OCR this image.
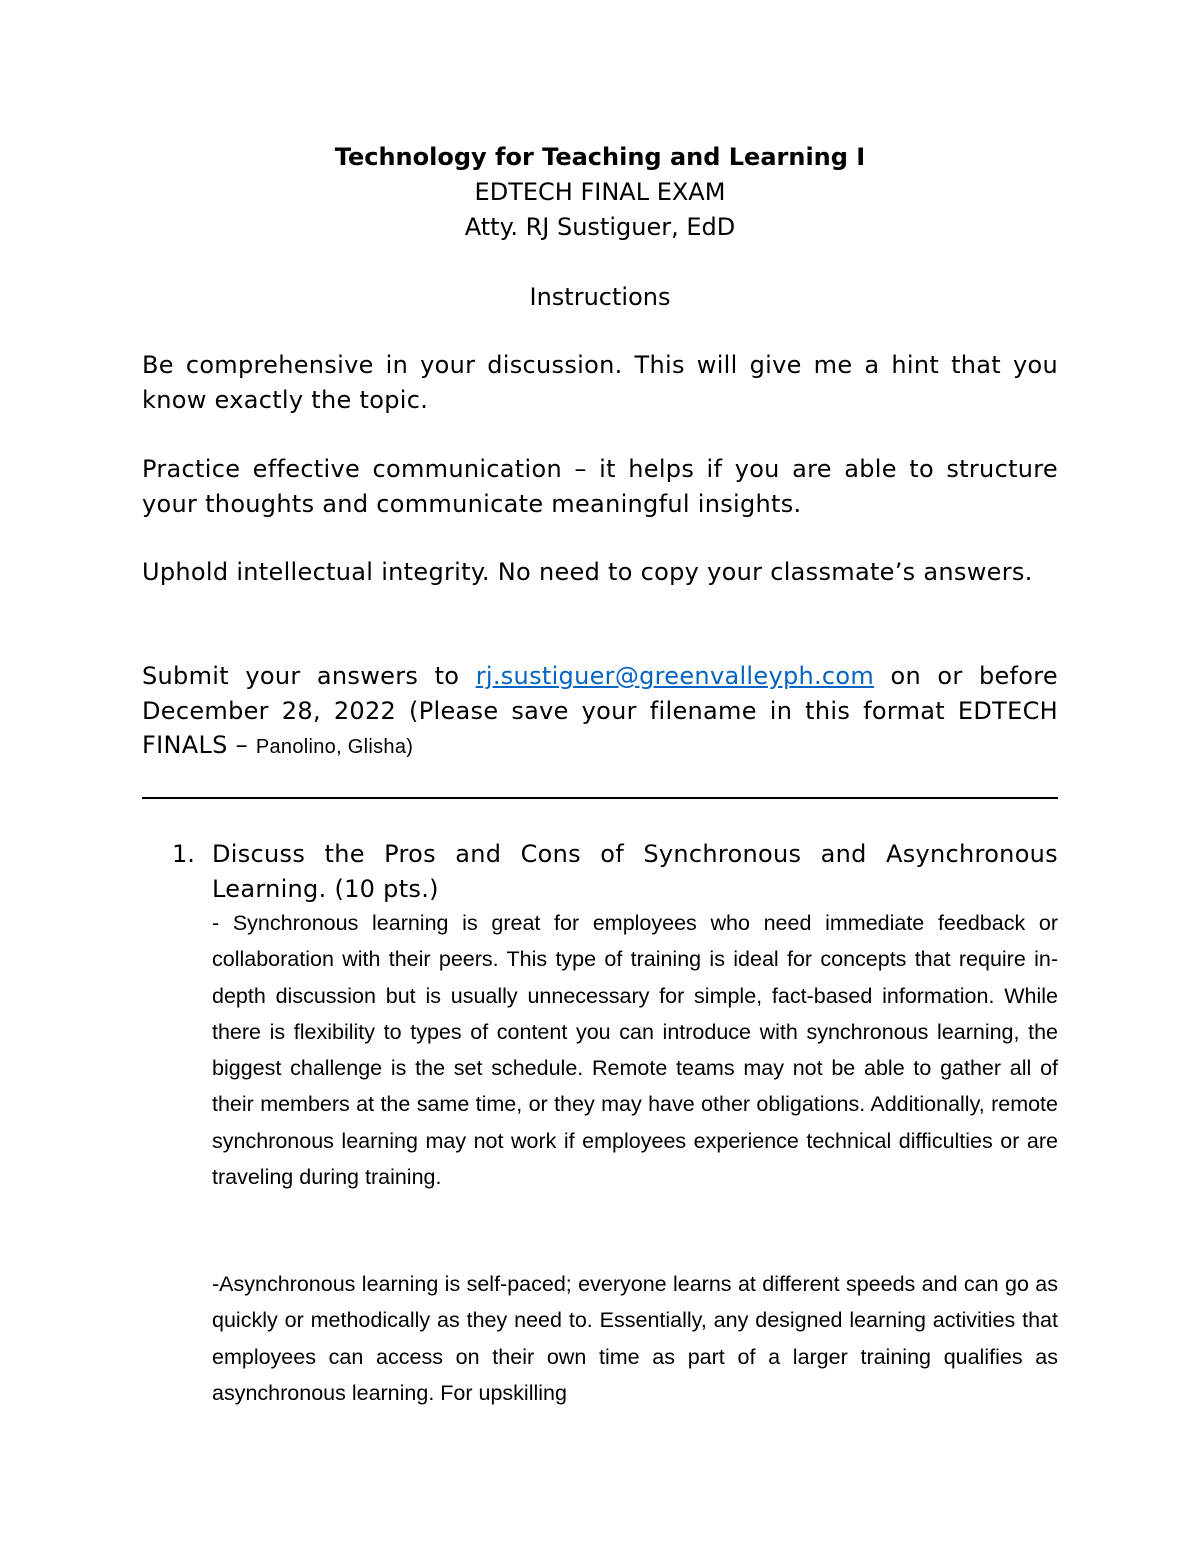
Technology for Teaching and Learning I
EDTECH FINAL EXAM
Atty. RJ Sustiguer, EdD
Instructions
Be comprehensive in your discussion. This will give me a hint that you know exactly the topic.
Practice effective communication – it helps if you are able to structure your thoughts and communicate meaningful insights.
Uphold intellectual integrity. No need to copy your classmate’s answers.
Submit your answers to rj.sustiguer@greenvalleyph.com on or before December 28, 2022 (Please save your filename in this format EDTECH FINALS – Panolino, Glisha)
1. Discuss the Pros and Cons of Synchronous and Asynchronous Learning. (10 pts.)
- Synchronous learning is great for employees who need immediate feedback or collaboration with their peers. This type of training is ideal for concepts that require in-depth discussion but is usually unnecessary for simple, fact-based information. While there is flexibility to types of content you can introduce with synchronous learning, the biggest challenge is the set schedule. Remote teams may not be able to gather all of their members at the same time, or they may have other obligations. Additionally, remote synchronous learning may not work if employees experience technical difficulties or are traveling during training.
-Asynchronous learning is self-paced; everyone learns at different speeds and can go as quickly or methodically as they need to. Essentially, any designed learning activities that employees can access on their own time as part of a larger training qualifies as asynchronous learning. For upskilling
